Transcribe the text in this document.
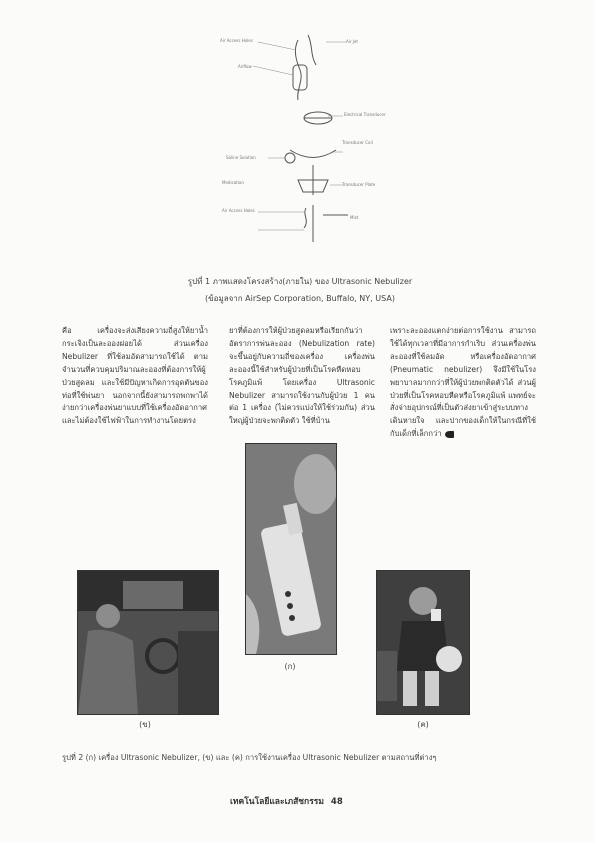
Air Access Holes
Airflow
Air Jet
Electrical Transducer
Transducer Coil
Saline Solution
Transducer Plate
Medication
Air Access Holes
Mist
รูปที่ 1 ภาพแสดงโครงสร้าง(ภายใน) ของ Ultrasonic Nebulizer
(ข้อมูลจาก AirSep Corporation, Buffalo, NY, USA)

คือ เครื่องจะส่งเสียงความถี่สูงให้ยาน้ำกระเจิงเป็นละอองฝอยได้ ส่วนเครื่อง Nebulizer ที่ใช้ลมอัดสามารถใช้ได้ ตามจำนวนที่ควบคุมปริมาณละอองที่ต้องการให้ผู้ป่วยสูดลม และใช้มีปัญหาเกิดการอุดตันของท่อที่ใช้พ่นยา นอกจากนี้ยังสามารถพกพาได้ง่ายกว่าเครื่องพ่นยาแบบที่ใช้เครื่องอัดอากาศและไม่ต้องใช้ไฟฟ้าในการทำงานโดยตรง

ยาที่ต้องการให้ผู้ป่วยสูดลมหรือเรียกกันว่าอัตราการพ่นละออง (Nebulization rate) จะขึ้นอยู่กับความถี่ของเครื่อง เครื่องพ่นละอองนี้ใช้สำหรับผู้ป่วยที่เป็นโรคหืดหอบ โรคภูมิแพ้ โดยเครื่อง Ultrasonic Nebulizer สามารถใช้งานกับผู้ป่วย 1 คน ต่อ 1 เครื่อง (ไม่ควรแบ่งให้ใช้ร่วมกัน) ส่วนใหญ่ผู้ป่วยจะพกติดตัว ใช้ที่บ้าน

เพราะละอองแตกง่ายต่อการใช้งาน สามารถใช้ได้ทุกเวลาที่มีอาการกำเริบ ส่วนเครื่องพ่นละอองที่ใช้ลมอัด หรือเครื่องอัดอากาศ (Pneumatic nebulizer) จึงมีใช้ในโรงพยาบาลมากกว่าที่ให้ผู้ป่วยพกติดตัวได้ ส่วนผู้ป่วยที่เป็นโรคหอบหืดหรือโรคภูมิแพ้ แพทย์จะสั่งจ่ายอุปกรณ์ที่เป็นตัวส่งยาเข้าสู่ระบบทางเดินหายใจ และปากของเด็กให้ในกรณีที่ใช้กับเด็กที่เล็กกว่า

(ก)
(ข)	(ค)
รูปที่ 2 (ก) เครื่อง Ultrasonic Nebulizer, (ข) และ (ค) การใช้งานเครื่อง Ultrasonic Nebulizer ตามสถานที่ต่างๆ
เทคโนโลยีและเภสัชกรรม 48
